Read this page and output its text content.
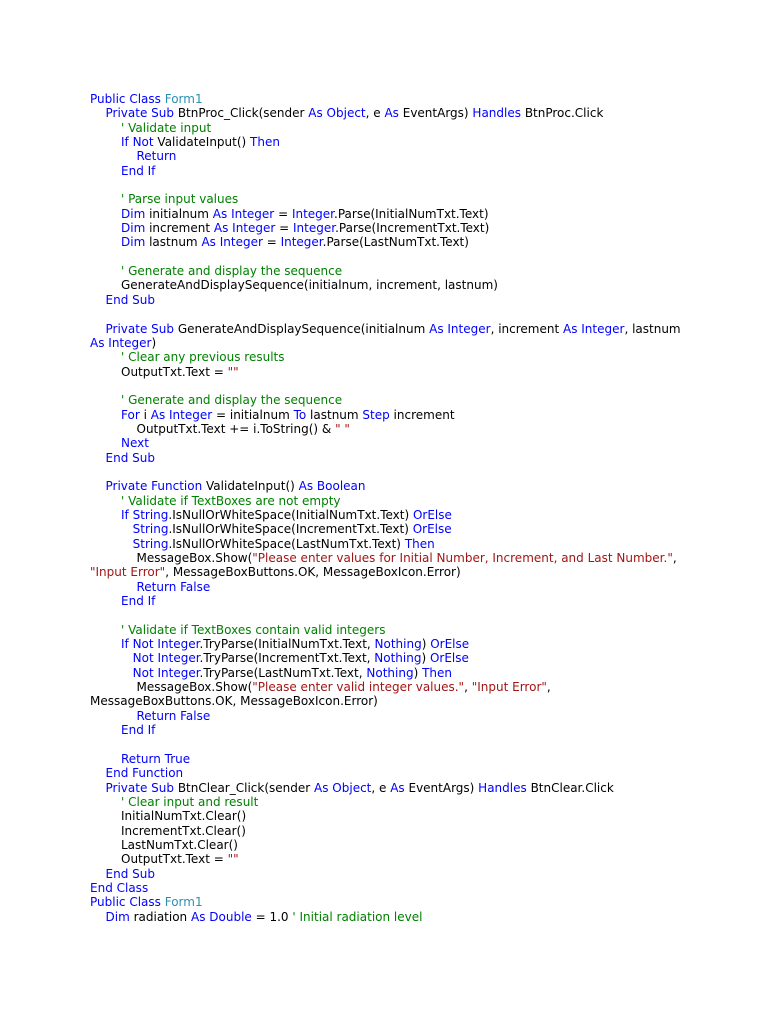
Public Class Form1
Private Sub BtnProc_Click(sender As Object, e As EventArgs) Handles BtnProc.Click
' Validate input
If Not ValidateInput() Then
Return
End If
' Parse input values
Dim initialnum As Integer = Integer.Parse(InitialNumTxt.Text)
Dim increment As Integer = Integer.Parse(IncrementTxt.Text)
Dim lastnum As Integer = Integer.Parse(LastNumTxt.Text)
' Generate and display the sequence
GenerateAndDisplaySequence(initialnum, increment, lastnum)
End Sub
Private Sub GenerateAndDisplaySequence(initialnum As Integer, increment As Integer, lastnum
As Integer)
' Clear any previous results
OutputTxt.Text = ""
' Generate and display the sequence
For i As Integer = initialnum To lastnum Step increment
OutputTxt.Text += i.ToString() & " "
Next
End Sub
Private Function ValidateInput() As Boolean
' Validate if TextBoxes are not empty
If String.IsNullOrWhiteSpace(InitialNumTxt.Text) OrElse
String.IsNullOrWhiteSpace(IncrementTxt.Text) OrElse
String.IsNullOrWhiteSpace(LastNumTxt.Text) Then
MessageBox.Show("Please enter values for Initial Number, Increment, and Last Number.",
"Input Error", MessageBoxButtons.OK, MessageBoxIcon.Error)
Return False
End If
' Validate if TextBoxes contain valid integers
If Not Integer.TryParse(InitialNumTxt.Text, Nothing) OrElse
Not Integer.TryParse(IncrementTxt.Text, Nothing) OrElse
Not Integer.TryParse(LastNumTxt.Text, Nothing) Then
MessageBox.Show("Please enter valid integer values.", "Input Error",
MessageBoxButtons.OK, MessageBoxIcon.Error)
Return False
End If
Return True
End Function
Private Sub BtnClear_Click(sender As Object, e As EventArgs) Handles BtnClear.Click
' Clear input and result
InitialNumTxt.Clear()
IncrementTxt.Clear()
LastNumTxt.Clear()
OutputTxt.Text = ""
End Sub
End Class
Public Class Form1
Dim radiation As Double = 1.0 ' Initial radiation level
